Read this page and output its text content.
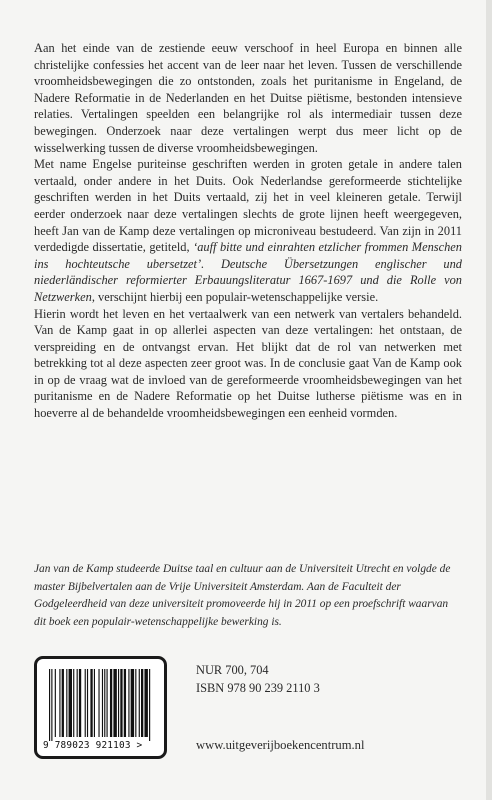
Aan het einde van de zestiende eeuw verschoof in heel Europa en binnen alle christelijke confessies het accent van de leer naar het leven. Tussen de verschillende vroomheidsbewegingen die zo ontstonden, zoals het puritanisme in Engeland, de Nadere Reformatie in de Nederlanden en het Duitse piëtisme, bestonden intensieve relaties. Vertalingen speelden een belangrijke rol als intermediair tussen deze bewegingen. Onderzoek naar deze vertalingen werpt dus meer licht op de wisselwerking tussen de diverse vroomheidsbewegingen.

Met name Engelse puriteinse geschriften werden in groten getale in andere talen vertaald, onder andere in het Duits. Ook Nederlandse gereformeerde stichtelijke geschriften werden in het Duits vertaald, zij het in veel kleineren getale. Terwijl eerder onderzoek naar deze vertalingen slechts de grote lijnen heeft weergegeven, heeft Jan van de Kamp deze vertalingen op microniveau bestudeerd. Van zijn in 2011 verdedigde dissertatie, getiteld, ‘auff bitte und einrahten etzlicher frommen Menschen ins hochteutsche ubersetzet’. Deutsche Übersetzungen englischer und niederländischer reformierter Erbauungsliteratur 1667-1697 und die Rolle von Netzwerken, verschijnt hierbij een populair-wetenschappelijke versie.

Hierin wordt het leven en het vertaalwerk van een netwerk van vertalers behandeld. Van de Kamp gaat in op allerlei aspecten van deze vertalingen: het ontstaan, de verspreiding en de ontvangst ervan. Het blijkt dat de rol van netwerken met betrekking tot al deze aspecten zeer groot was. In de conclusie gaat Van de Kamp ook in op de vraag wat de invloed van de gereformeerde vroomheidsbewegingen van het puritanisme en de Nadere Reformatie op het Duitse lutherse piëtisme was en in hoeverre al de behandelde vroomheidsbewegingen een eenheid vormden.

Jan van de Kamp studeerde Duitse taal en cultuur aan de Universiteit Utrecht en volgde de master Bijbelvertalen aan de Vrije Universiteit Amsterdam. Aan de Faculteit der Godgeleerdheid van deze universiteit promoveerde hij in 2011 op een proefschrift waarvan dit boek een populair-wetenschappelijke bewerking is.
9 789023 921103 >
NUR 700, 704
ISBN 978 90 239 2110 3
www.uitgeverijboekencentrum.nl
